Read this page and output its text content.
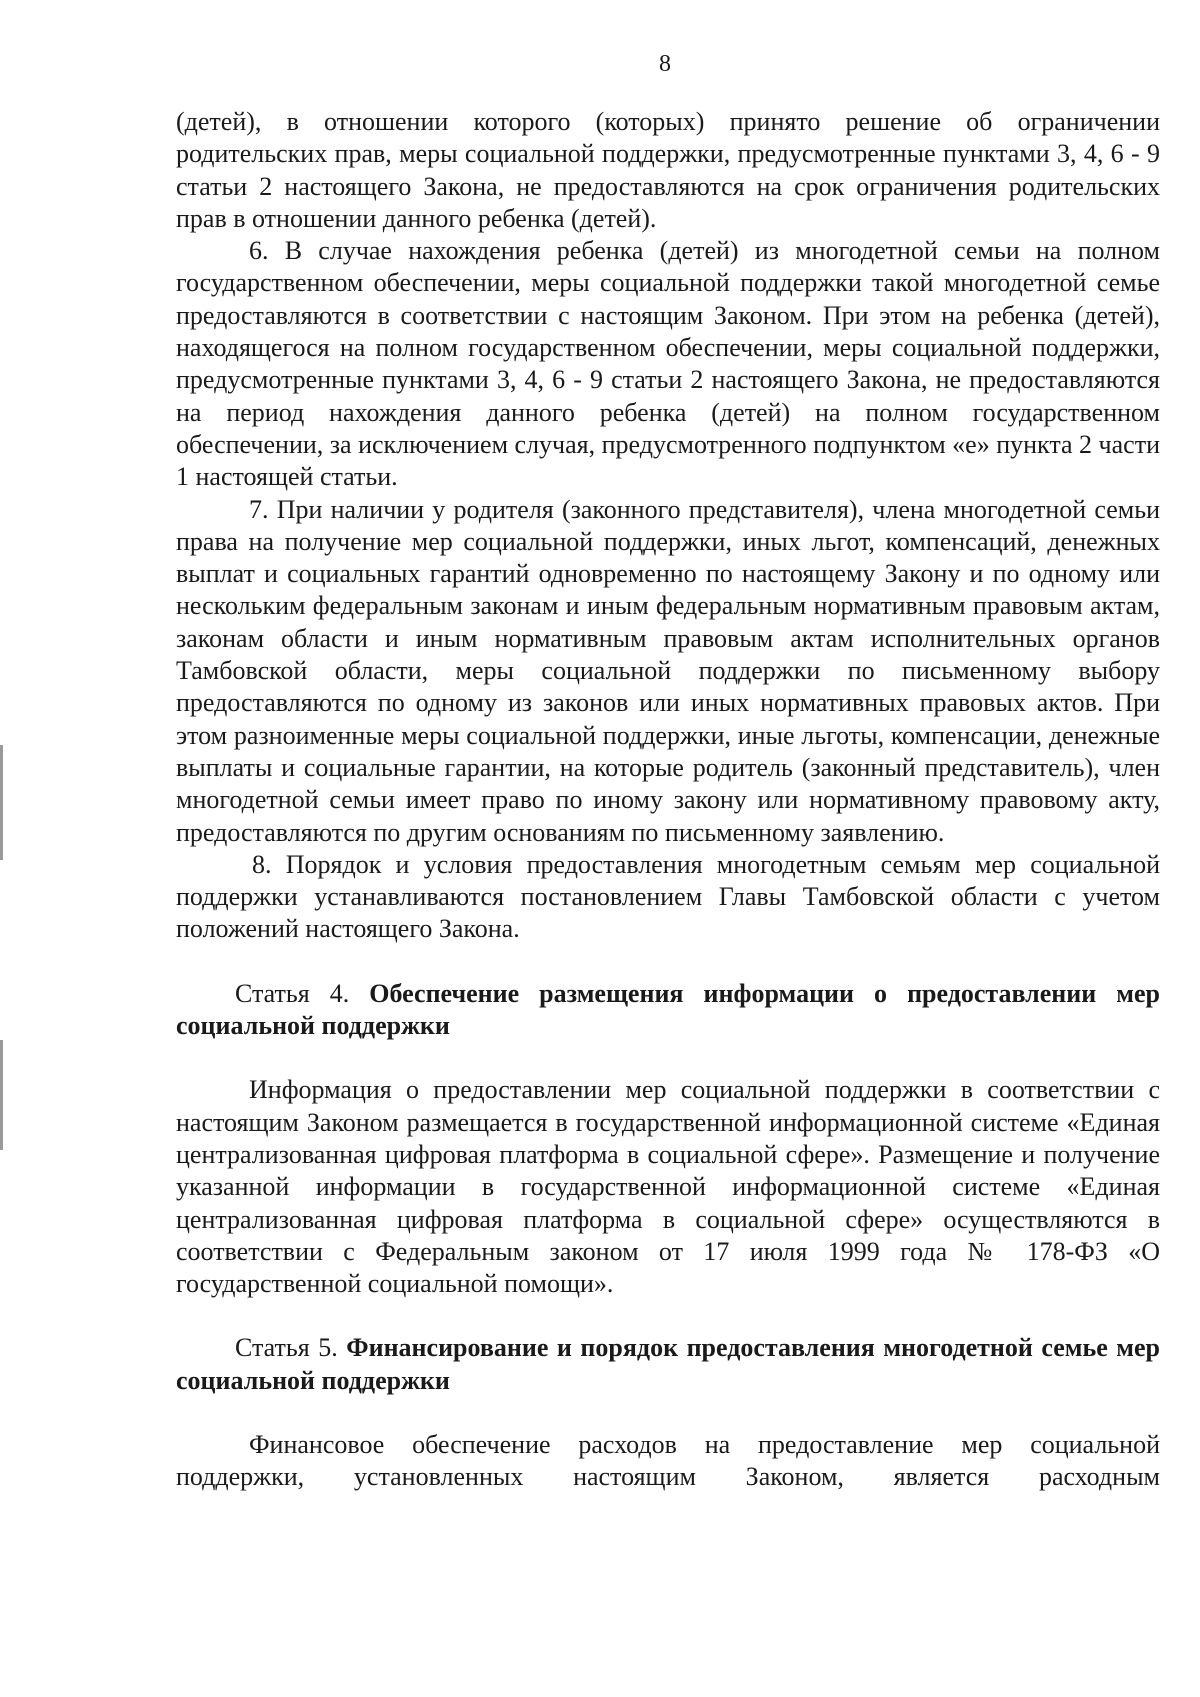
8

(детей), в отношении которого (которых) принято решение об ограничении родительских прав, меры социальной поддержки, предусмотренные пунктами 3, 4, 6 - 9 статьи 2 настоящего Закона, не предоставляются на срок ограничения родительских прав в отношении данного ребенка (детей).

6. В случае нахождения ребенка (детей) из многодетной семьи на полном государственном обеспечении, меры социальной поддержки такой многодетной семье предоставляются в соответствии с настоящим Законом. При этом на ребенка (детей), находящегося на полном государственном обеспечении, меры социальной поддержки, предусмотренные пунктами 3, 4, 6 - 9 статьи 2 настоящего Закона, не предоставляются на период нахождения данного ребенка (детей) на полном государственном обеспечении, за исключением случая, предусмотренного подпунктом «е» пункта 2 части 1 настоящей статьи.

7. При наличии у родителя (законного представителя), члена многодетной семьи права на получение мер социальной поддержки, иных льгот, компенсаций, денежных выплат и социальных гарантий одновременно по настоящему Закону и по одному или нескольким федеральным законам и иным федеральным нормативным правовым актам, законам области и иным нормативным правовым актам исполнительных органов Тамбовской области, меры социальной поддержки по письменному выбору предоставляются по одному из законов или иных нормативных правовых актов. При этом разноименные меры социальной поддержки, иные льготы, компенсации, денежные выплаты и социальные гарантии, на которые родитель (законный представитель), член многодетной семьи имеет право по иному закону или нормативному правовому акту, предоставляются по другим основаниям по письменному заявлению.

8. Порядок и условия предоставления многодетным семьям мер социальной поддержки устанавливаются постановлением Главы Тамбовской области с учетом положений настоящего Закона.

Статья 4. Обеспечение размещения информации о предоставлении мер социальной поддержки

Информация о предоставлении мер социальной поддержки в соответствии с настоящим Законом размещается в государственной информационной системе «Единая централизованная цифровая платформа в социальной сфере». Размещение и получение указанной информации в государственной информационной системе «Единая централизованная цифровая платформа в социальной сфере» осуществляются в соответствии с Федеральным законом от 17 июля 1999 года № 178-ФЗ «О государственной социальной помощи».

Статья 5. Финансирование и порядок предоставления многодетной семье мер социальной поддержки

Финансовое обеспечение расходов на предоставление мер социальной поддержки, установленных настоящим Законом, является расходным
